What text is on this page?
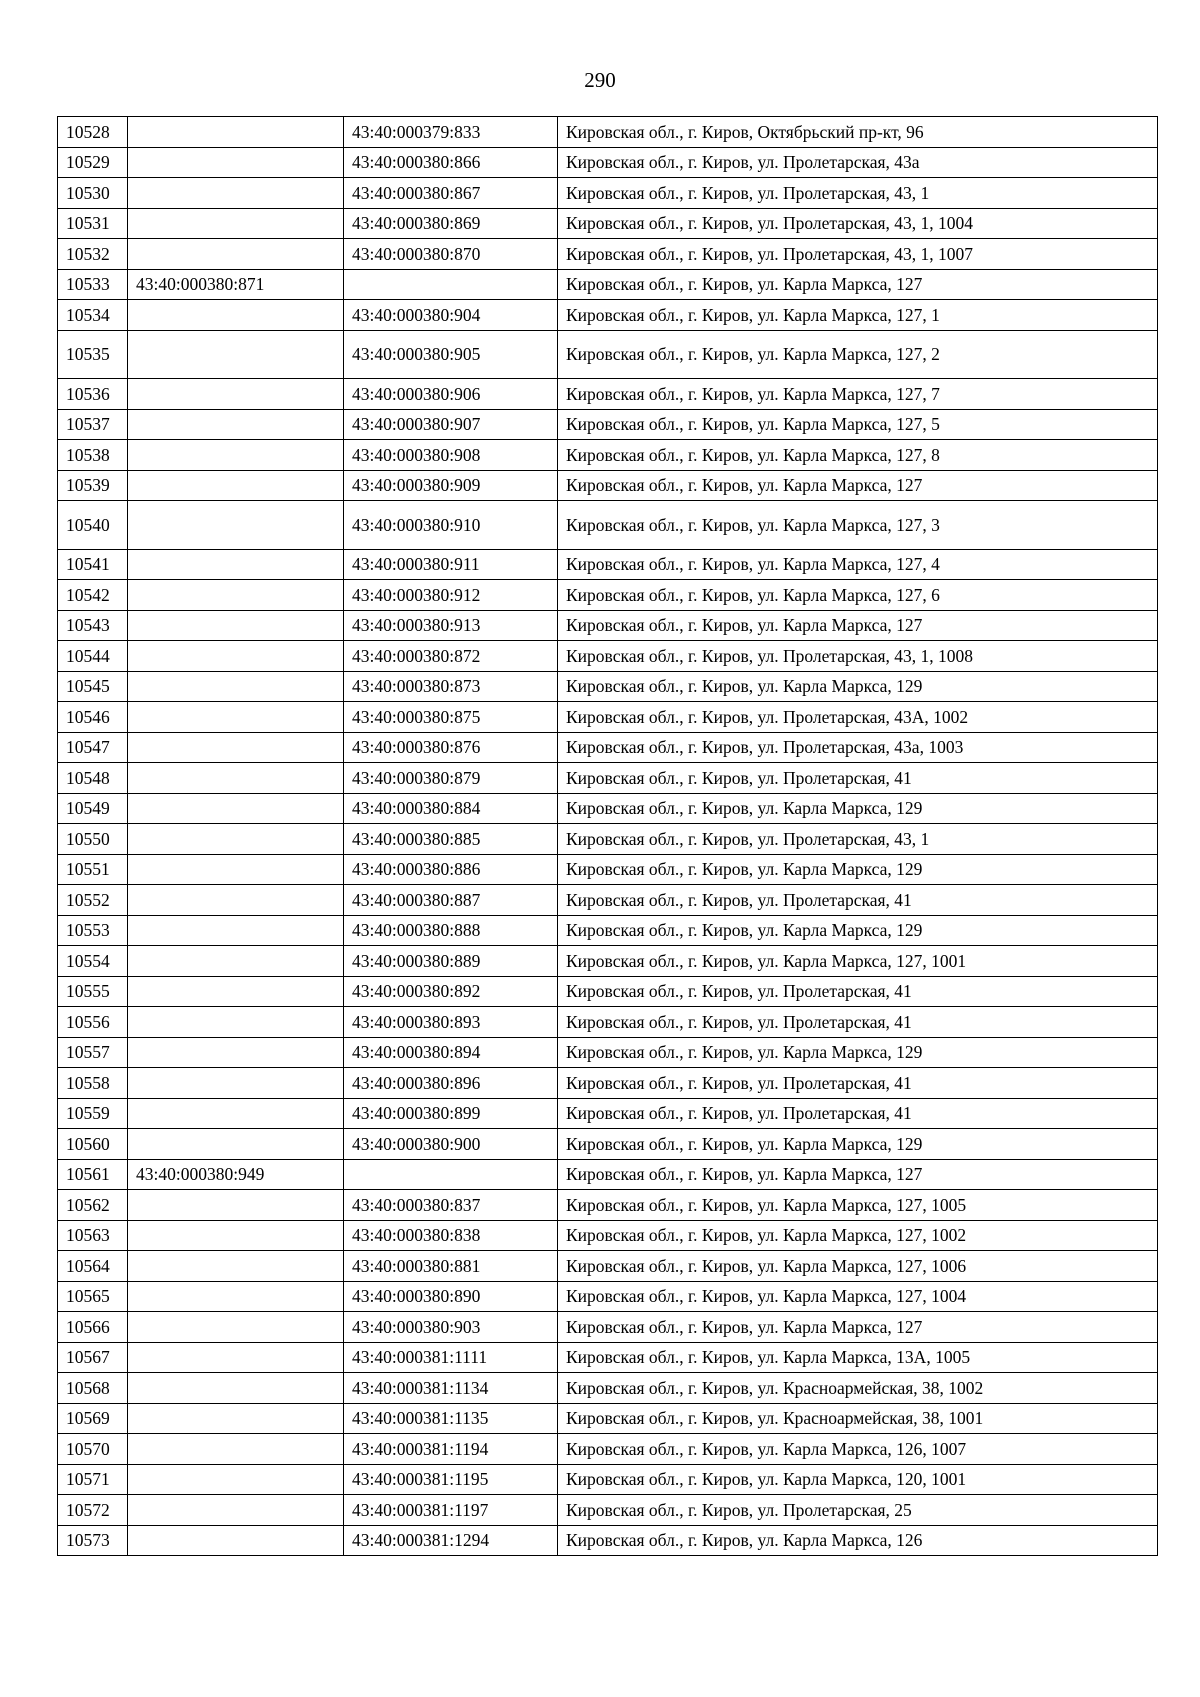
290
10528		43:40:000379:833	Кировская обл., г. Киров, Октябрьский пр-кт, 96
10529		43:40:000380:866	Кировская обл., г. Киров, ул. Пролетарская, 43а
10530		43:40:000380:867	Кировская обл., г. Киров, ул. Пролетарская, 43, 1
10531		43:40:000380:869	Кировская обл., г. Киров, ул. Пролетарская, 43, 1, 1004
10532		43:40:000380:870	Кировская обл., г. Киров, ул. Пролетарская, 43, 1, 1007
10533	43:40:000380:871		Кировская обл., г. Киров, ул. Карла Маркса, 127
10534		43:40:000380:904	Кировская обл., г. Киров, ул. Карла Маркса, 127, 1
10535		43:40:000380:905	Кировская обл., г. Киров, ул. Карла Маркса, 127, 2
10536		43:40:000380:906	Кировская обл., г. Киров, ул. Карла Маркса, 127, 7
10537		43:40:000380:907	Кировская обл., г. Киров, ул. Карла Маркса, 127, 5
10538		43:40:000380:908	Кировская обл., г. Киров, ул. Карла Маркса, 127, 8
10539		43:40:000380:909	Кировская обл., г. Киров, ул. Карла Маркса, 127
10540		43:40:000380:910	Кировская обл., г. Киров, ул. Карла Маркса, 127, 3
10541		43:40:000380:911	Кировская обл., г. Киров, ул. Карла Маркса, 127, 4
10542		43:40:000380:912	Кировская обл., г. Киров, ул. Карла Маркса, 127, 6
10543		43:40:000380:913	Кировская обл., г. Киров, ул. Карла Маркса, 127
10544		43:40:000380:872	Кировская обл., г. Киров, ул. Пролетарская, 43, 1, 1008
10545		43:40:000380:873	Кировская обл., г. Киров, ул. Карла Маркса, 129
10546		43:40:000380:875	Кировская обл., г. Киров, ул. Пролетарская, 43А, 1002
10547		43:40:000380:876	Кировская обл., г. Киров, ул. Пролетарская, 43а, 1003
10548		43:40:000380:879	Кировская обл., г. Киров, ул. Пролетарская, 41
10549		43:40:000380:884	Кировская обл., г. Киров, ул. Карла Маркса, 129
10550		43:40:000380:885	Кировская обл., г. Киров, ул. Пролетарская, 43, 1
10551		43:40:000380:886	Кировская обл., г. Киров, ул. Карла Маркса, 129
10552		43:40:000380:887	Кировская обл., г. Киров, ул. Пролетарская, 41
10553		43:40:000380:888	Кировская обл., г. Киров, ул. Карла Маркса, 129
10554		43:40:000380:889	Кировская обл., г. Киров, ул. Карла Маркса, 127, 1001
10555		43:40:000380:892	Кировская обл., г. Киров, ул. Пролетарская, 41
10556		43:40:000380:893	Кировская обл., г. Киров, ул. Пролетарская, 41
10557		43:40:000380:894	Кировская обл., г. Киров, ул. Карла Маркса, 129
10558		43:40:000380:896	Кировская обл., г. Киров, ул. Пролетарская, 41
10559		43:40:000380:899	Кировская обл., г. Киров, ул. Пролетарская, 41
10560		43:40:000380:900	Кировская обл., г. Киров, ул. Карла Маркса, 129
10561	43:40:000380:949		Кировская обл., г. Киров, ул. Карла Маркса, 127
10562		43:40:000380:837	Кировская обл., г. Киров, ул. Карла Маркса, 127, 1005
10563		43:40:000380:838	Кировская обл., г. Киров, ул. Карла Маркса, 127, 1002
10564		43:40:000380:881	Кировская обл., г. Киров, ул. Карла Маркса, 127, 1006
10565		43:40:000380:890	Кировская обл., г. Киров, ул. Карла Маркса, 127, 1004
10566		43:40:000380:903	Кировская обл., г. Киров, ул. Карла Маркса, 127
10567		43:40:000381:1111	Кировская обл., г. Киров, ул. Карла Маркса, 13А, 1005
10568		43:40:000381:1134	Кировская обл., г. Киров, ул. Красноармейская, 38, 1002
10569		43:40:000381:1135	Кировская обл., г. Киров, ул. Красноармейская, 38, 1001
10570		43:40:000381:1194	Кировская обл., г. Киров, ул. Карла Маркса, 126, 1007
10571		43:40:000381:1195	Кировская обл., г. Киров, ул. Карла Маркса, 120, 1001
10572		43:40:000381:1197	Кировская обл., г. Киров, ул. Пролетарская, 25
10573		43:40:000381:1294	Кировская обл., г. Киров, ул. Карла Маркса, 126
